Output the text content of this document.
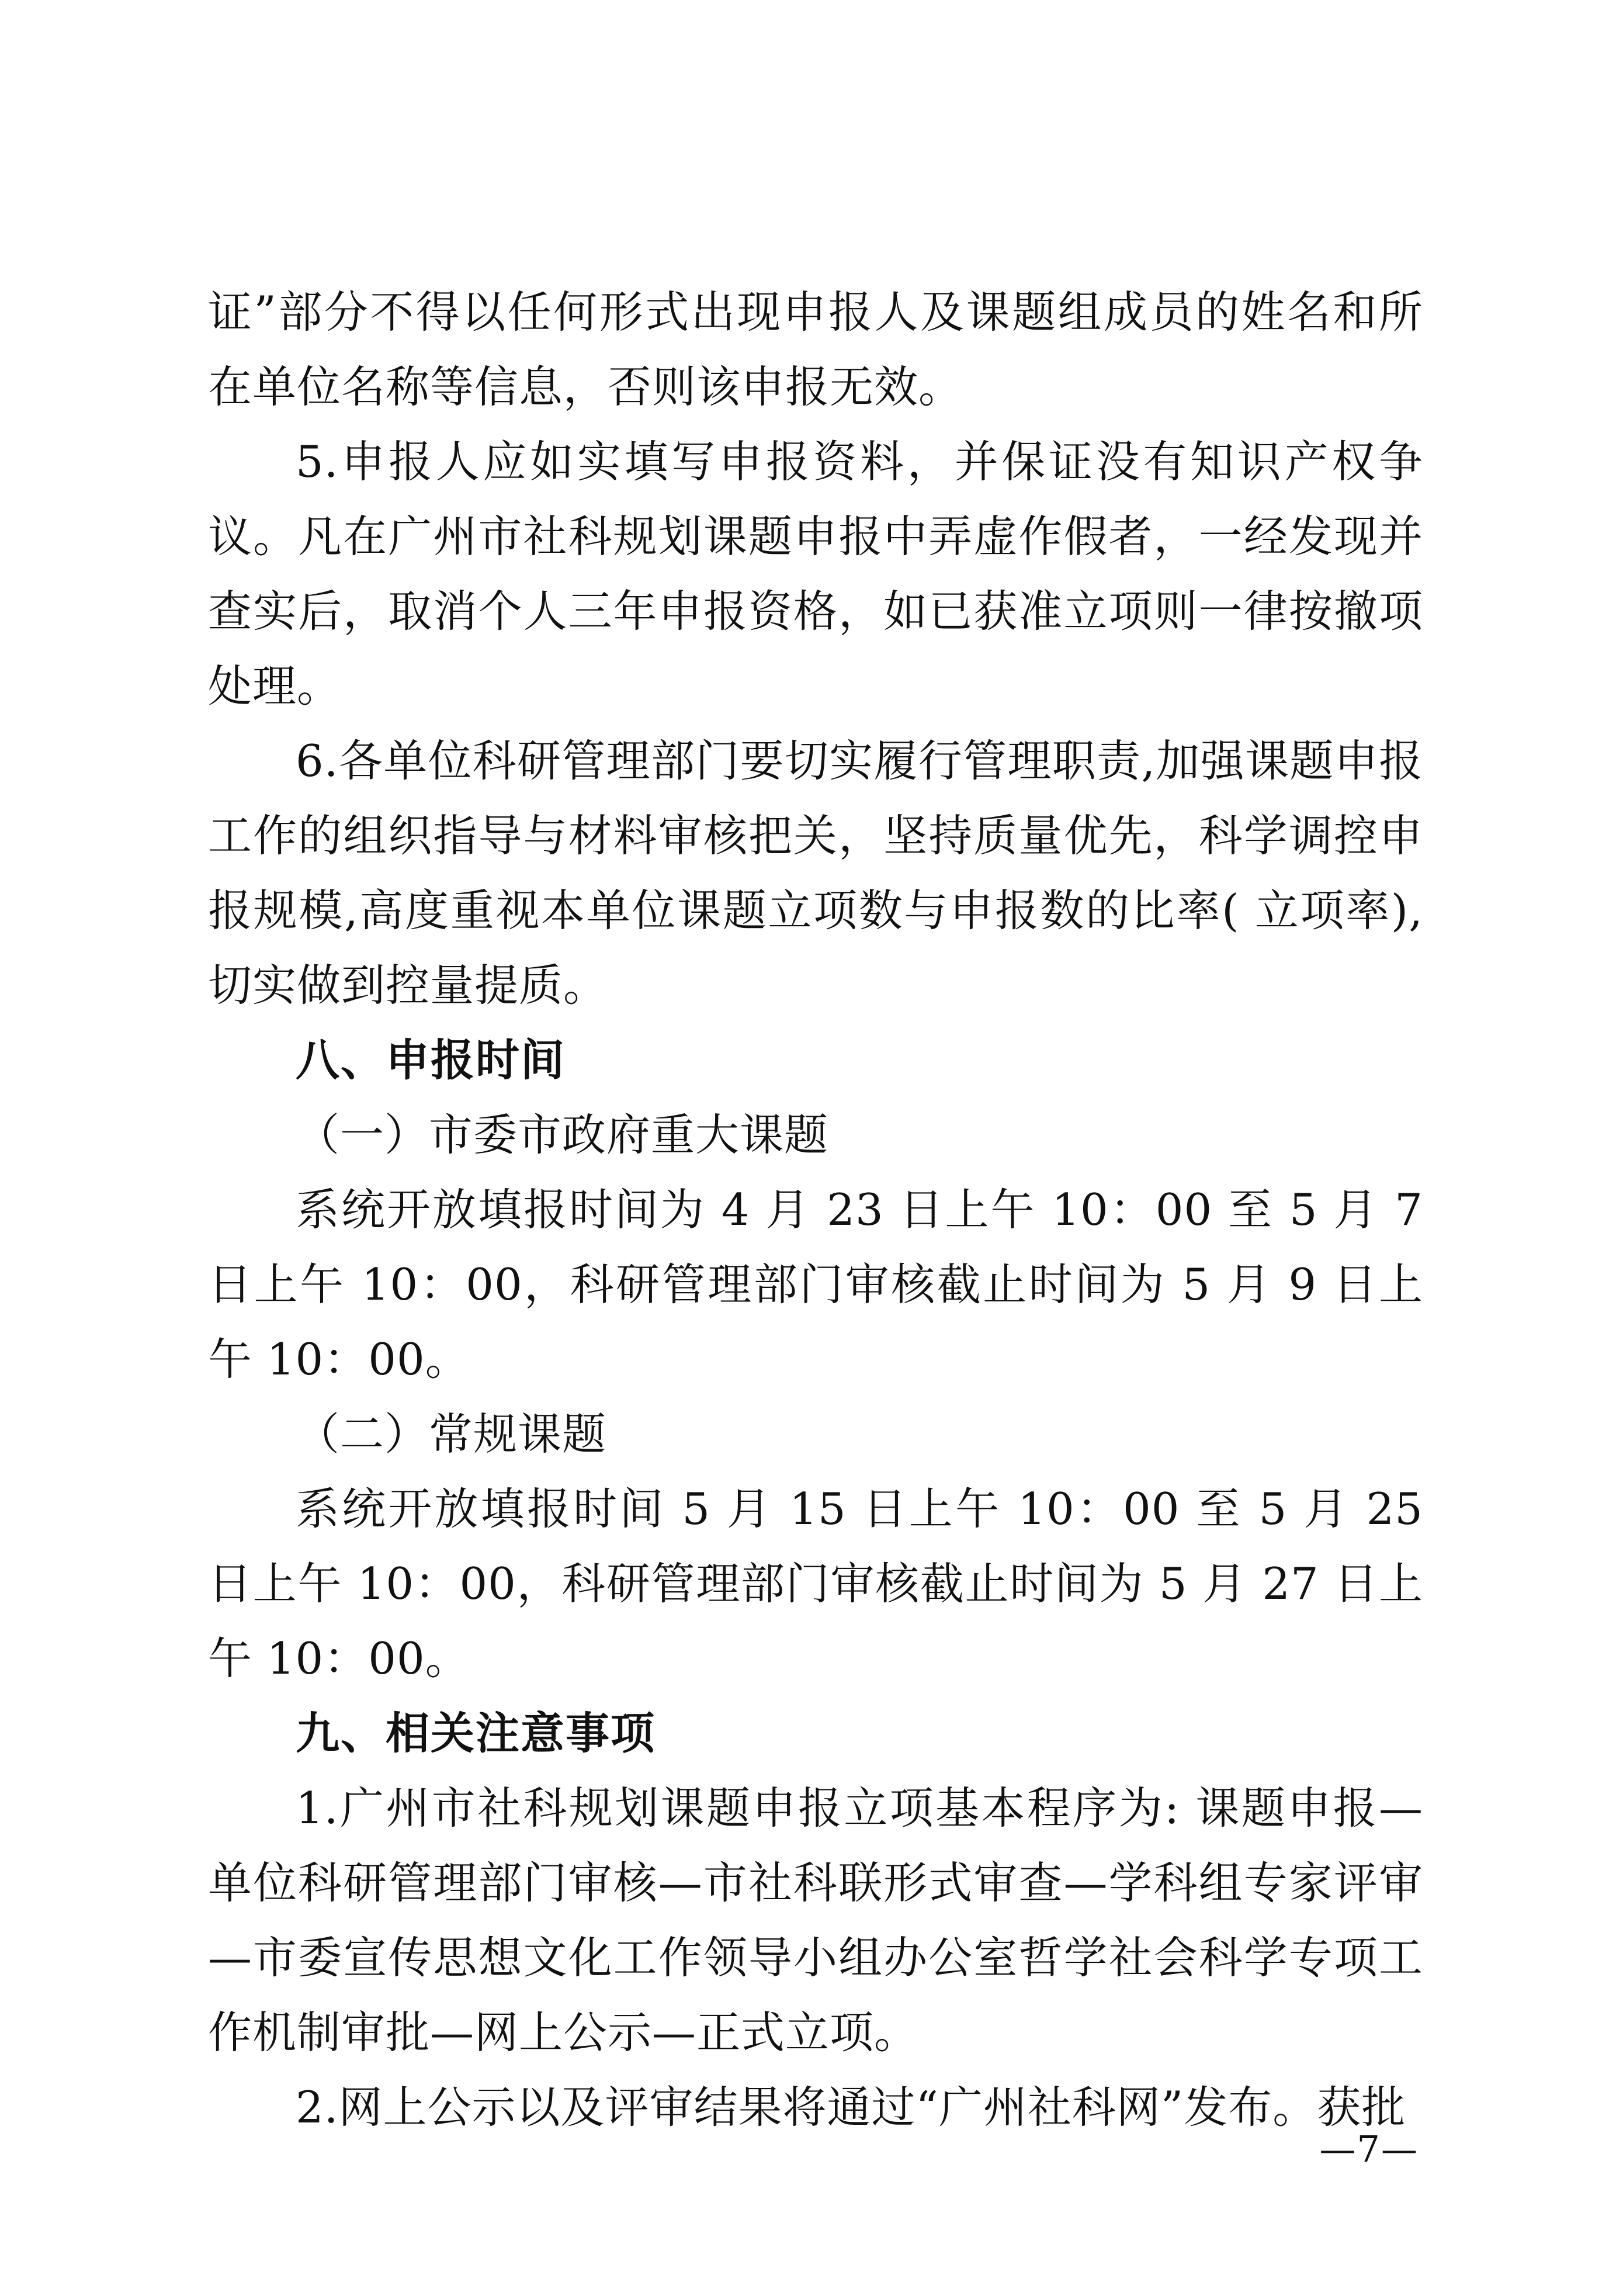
证”部分不得以任何形式出现申报人及课题组成员的姓名和所在单位名称等信息，否则该申报无效。

5.申报人应如实填写申报资料，并保证没有知识产权争议。凡在广州市社科规划课题申报中弄虚作假者，一经发现并查实后，取消个人三年申报资格，如已获准立项则一律按撤项处理。

6.各单位科研管理部门要切实履行管理职责,加强课题申报工作的组织指导与材料审核把关，坚持质量优先，科学调控申报规模,高度重视本单位课题立项数与申报数的比率( 立项率),切实做到控量提质。

八、申报时间

（一）市委市政府重大课题

系统开放填报时间为 4 月 23 日上午 10：00 至 5 月 7 日上午 10：00，科研管理部门审核截止时间为 5 月 9 日上午 10：00。

（二）常规课题

系统开放填报时间 5 月 15 日上午 10：00 至 5 月 25 日上午 10：00，科研管理部门审核截止时间为 5 月 27 日上午 10：00。

九、相关注意事项

1.广州市社科规划课题申报立项基本程序为: 课题申报—单位科研管理部门审核—市社科联形式审查—学科组专家评审—市委宣传思想文化工作领导小组办公室哲学社会科学专项工作机制审批—网上公示—正式立项。

2.网上公示以及评审结果将通过“广州社科网”发布。获批

—7—
